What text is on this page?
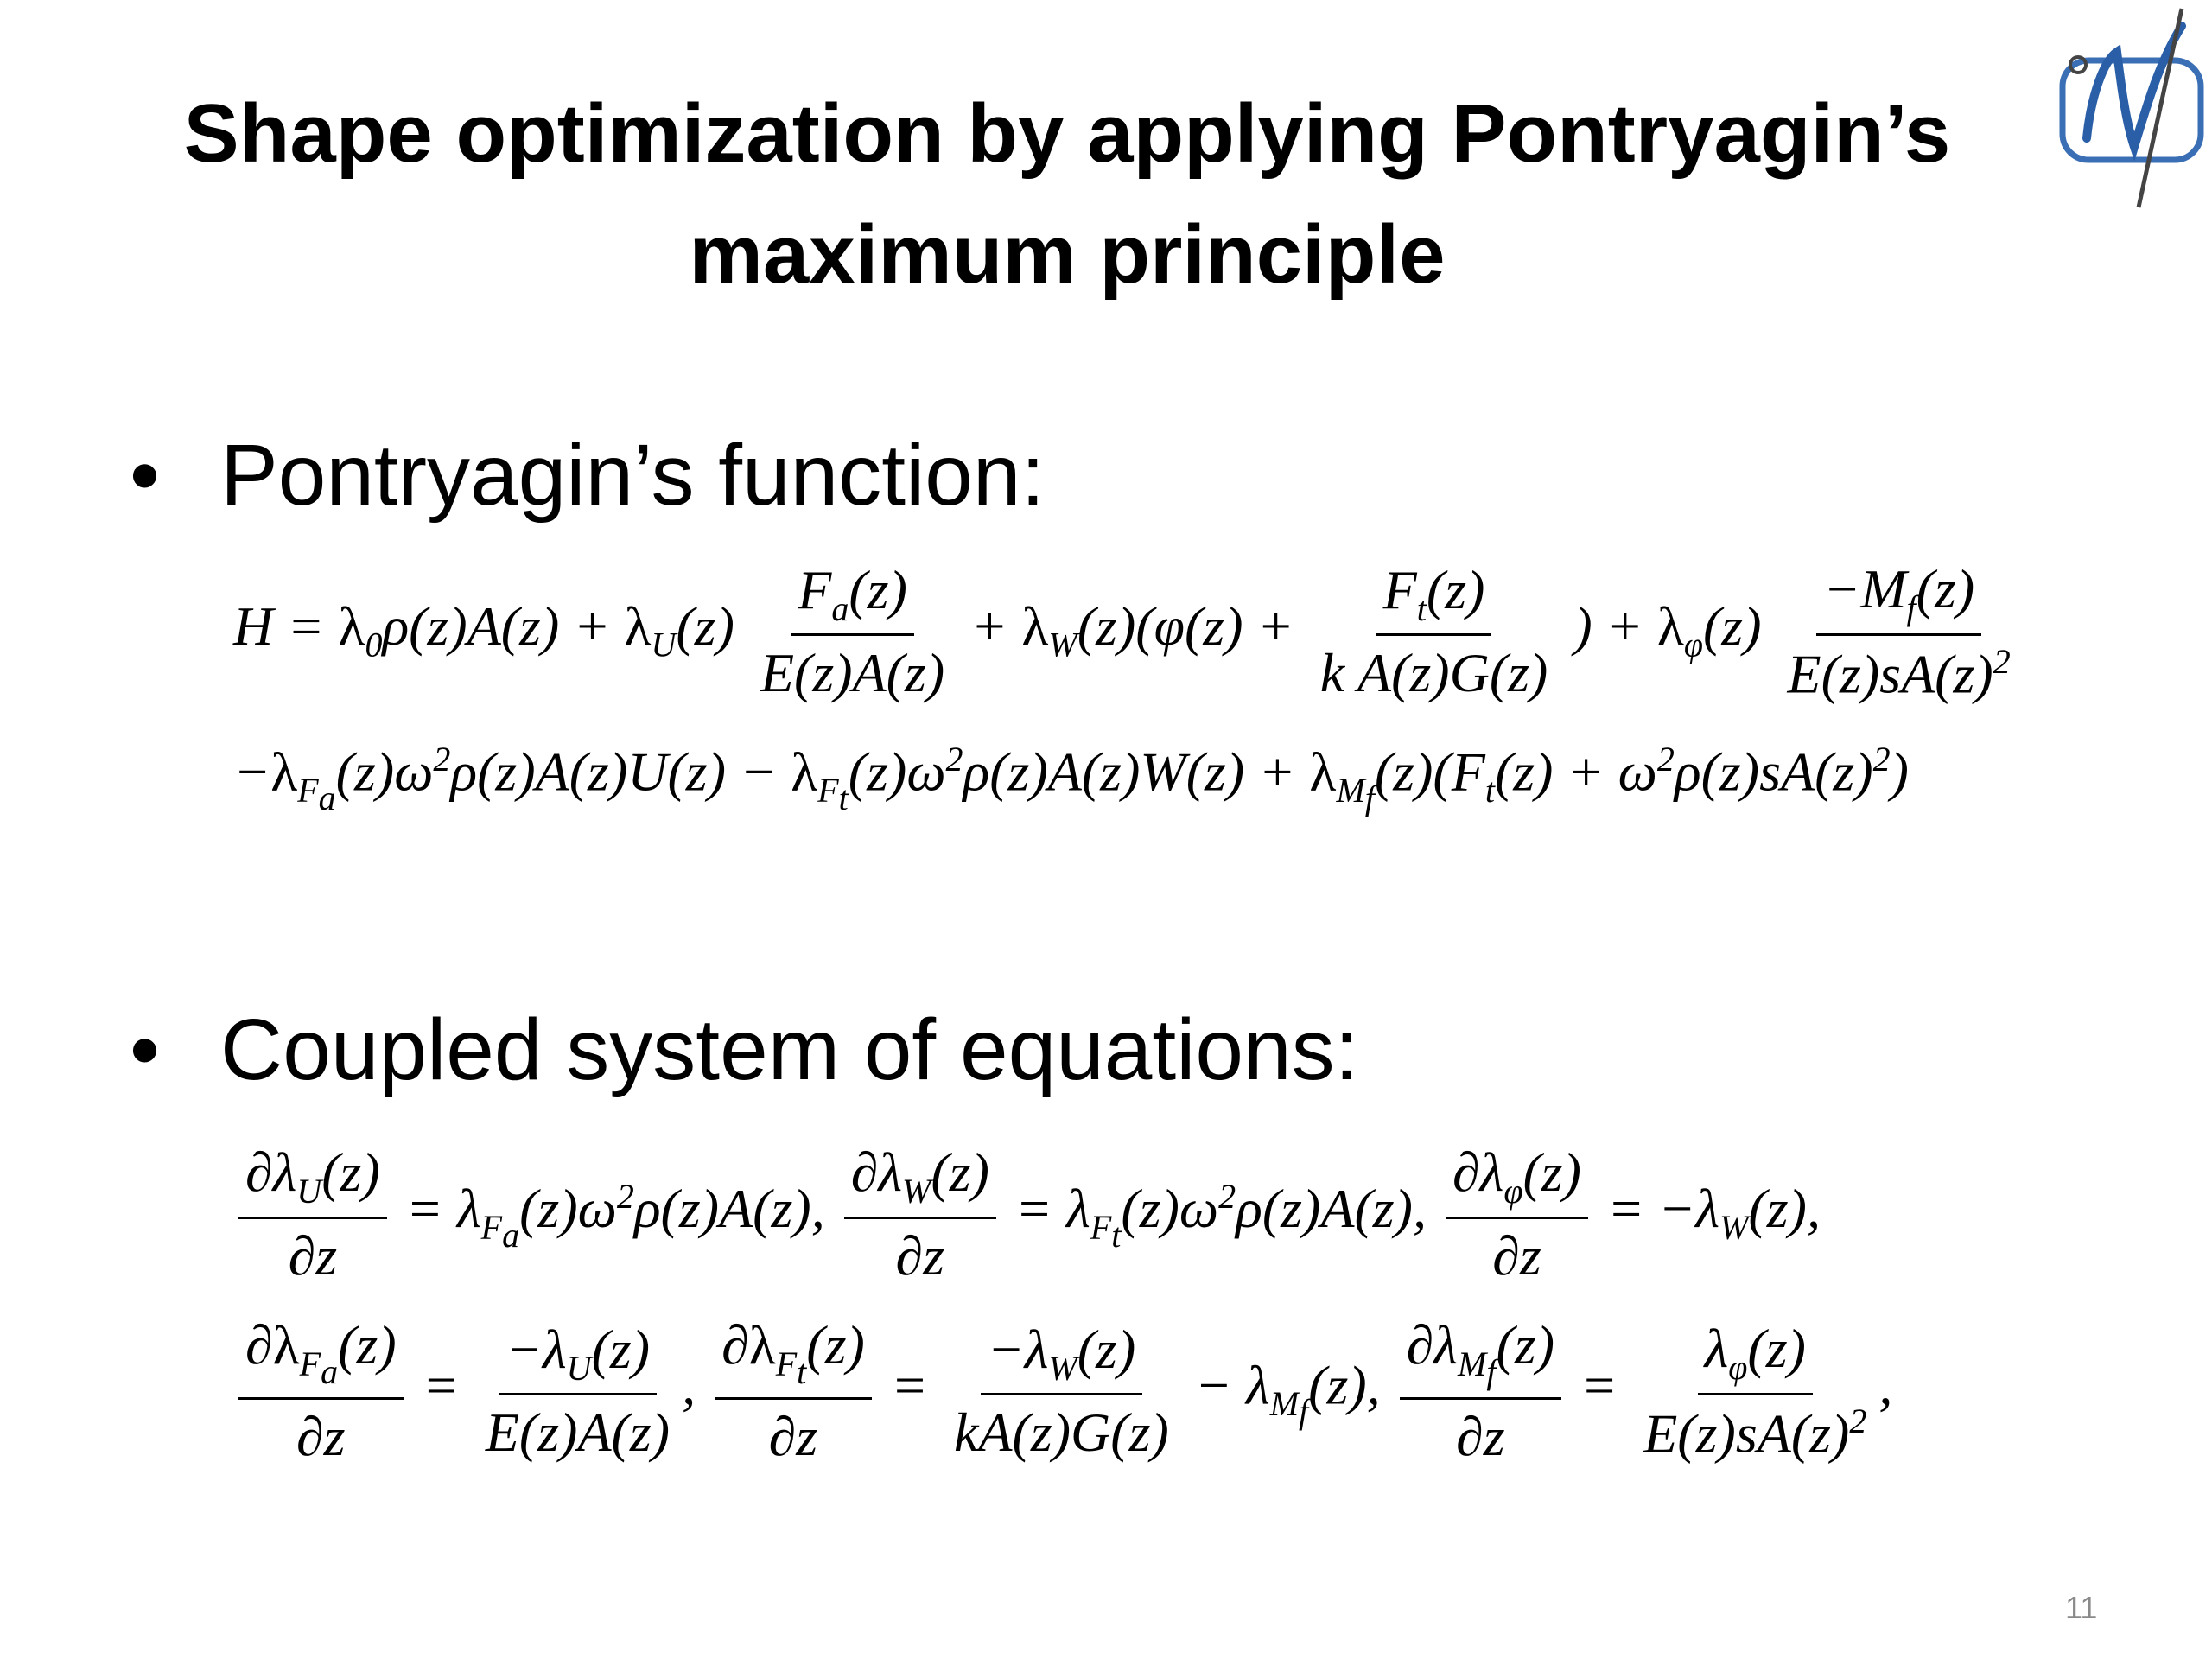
Shape optimization by applying Pontryagin’s
maximum principle
• Pontryagin’s function:
$H = \lambda_0\rho(z)A(z) + \lambda_U(z) \frac{F_a(z)}{E(z)A(z)} + \lambda_W(z)(\varphi(z) + \frac{F_t(z)}{\text{k A(z)G(z)}}$ ) + $\lambda_\varphi(z) \frac{-M_f(z)}{E(z)sA(z)^2}$
$-\lambda_{F_a}(z)\omega^2\rho(z)A(z)U(z) - \lambda_{F_t}(z)\omega^2\rho(z)A(z)W(z) + \lambda_{M_f}(z)(F_t(z) + \omega^2\rho(z)sA(z)^2)$
• Coupled system of equations:
$\frac{\partial\lambda_U(z)}{\partial z} = \lambda_{F_a}(z)\omega^2\rho(z)A(z)$, $\frac{\partial\lambda_W(z)}{\partial z} = \lambda_{F_t}(z)\omega^2\rho(z)A(z)$, $\frac{\partial\lambda_\varphi(z)}{\partial z} = -\lambda_W(z)$,
$\frac{\partial\lambda_{F_a}(z)}{\partial z} = \frac{-\lambda_U(z)}{E(z)A(z)}$ , $\frac{\partial\lambda_{F_t}(z)}{\partial z} = \frac{-\lambda_W(z)}{kA(z)G(z)} - \lambda_{M_f}(z)$, $\frac{\partial\lambda_{M_f}(z)}{\partial z} = \frac{\lambda_\varphi(z)}{E(z)sA(z)^2}$ ,
11
